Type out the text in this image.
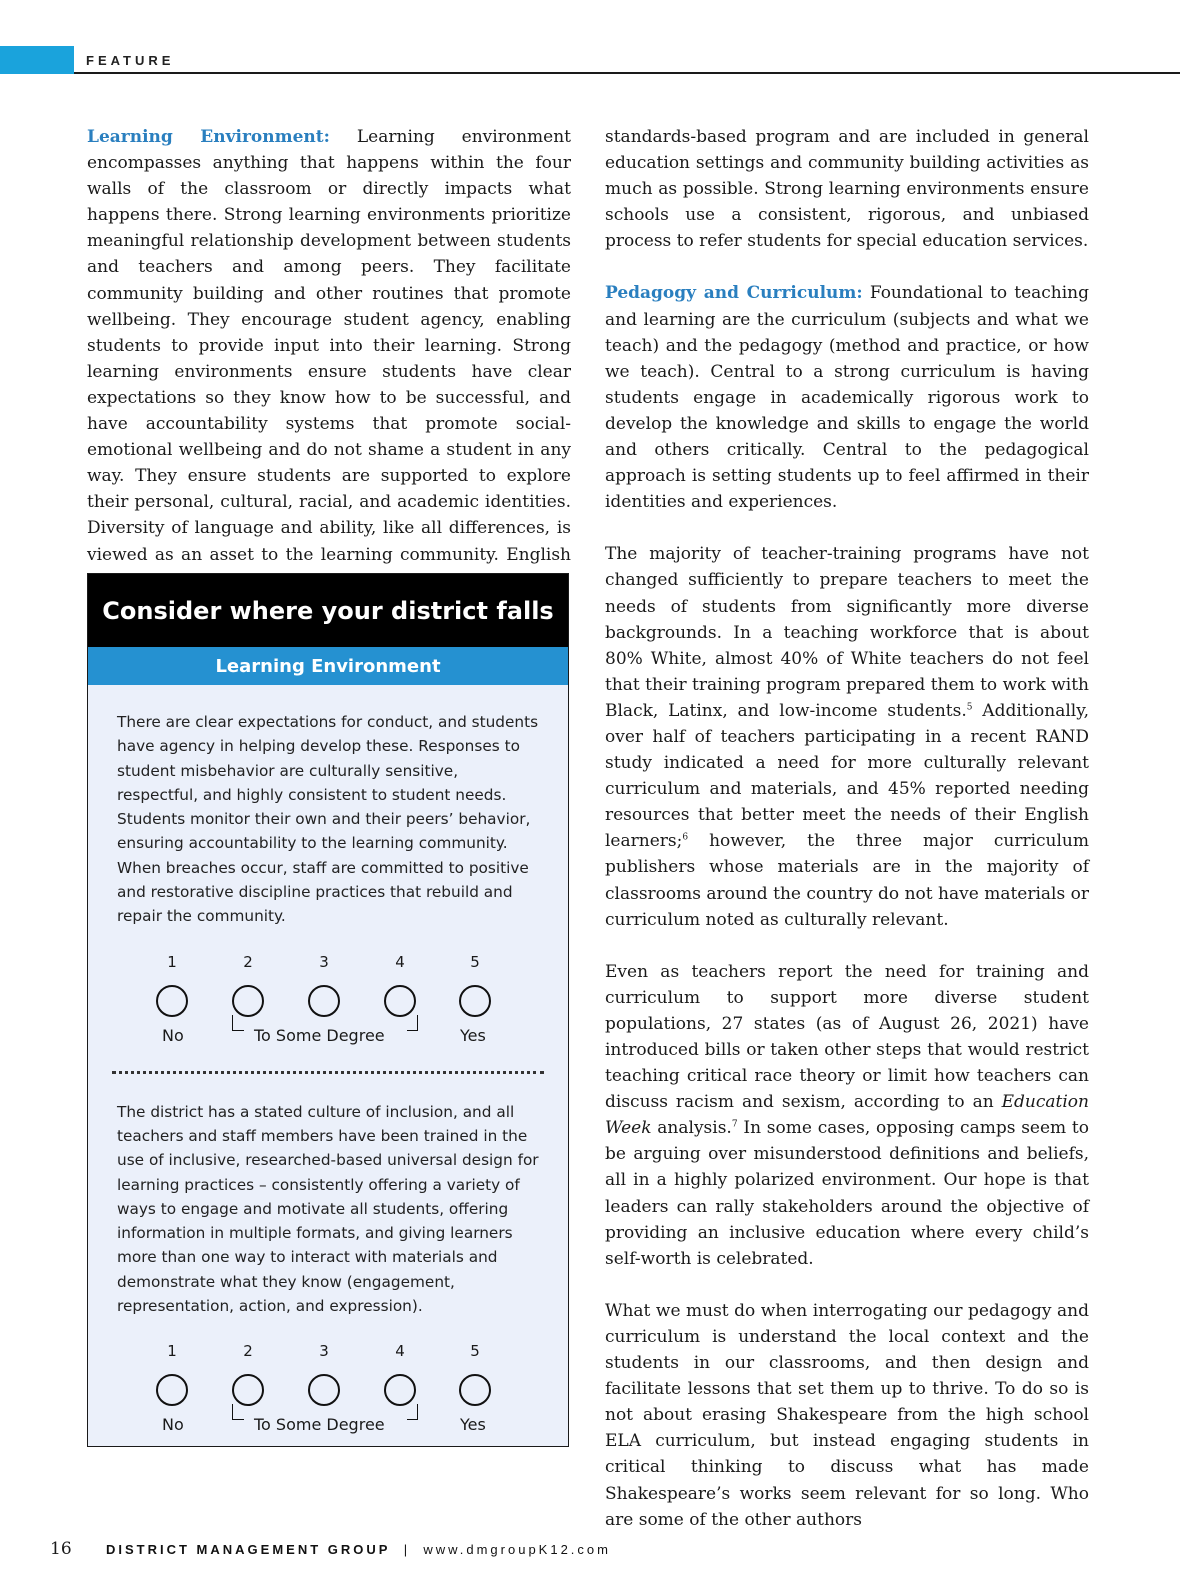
FEATURE

Learning Environment: Learning environment encompasses anything that happens within the four walls of the classroom or directly impacts what happens there. Strong learning environments prioritize meaningful relationship development between students and teachers and among peers. They facilitate community building and other routines that promote wellbeing. They encourage student agency, enabling students to provide input into their learning. Strong learning environments ensure students have clear expectations so they know how to be successful, and have accountability systems that promote social-emotional wellbeing and do not shame a student in any way. They ensure students are supported to explore their personal, cultural, racial, and academic identities. Diversity of language and ability, like all differences, is viewed as an asset to the learning community. English

Consider where your district falls
Learning Environment
There are clear expectations for conduct, and students have agency in helping develop these. Responses to student misbehavior are culturally sensitive, respectful, and highly consistent to student needs. Students monitor their own and their peers’ behavior, ensuring accountability to the learning community. When breaches occur, staff are committed to positive and restorative discipline practices that rebuild and repair the community.
1	2	3	4	5
No	To Some Degree	Yes
The district has a stated culture of inclusion, and all teachers and staff members have been trained in the use of inclusive, researched-based universal design for learning practices – consistently offering a variety of ways to engage and motivate all students, offering information in multiple formats, and giving learners more than one way to interact with materials and demonstrate what they know (engagement, representation, action, and expression).
1	2	3	4	5
No	To Some Degree	Yes

standards-based program and are included in general education settings and community building activities as much as possible. Strong learning environments ensure schools use a consistent, rigorous, and unbiased process to refer students for special education services.

Pedagogy and Curriculum: Foundational to teaching and learning are the curriculum (subjects and what we teach) and the pedagogy (method and practice, or how we teach). Central to a strong curriculum is having students engage in academically rigorous work to develop the knowledge and skills to engage the world and others critically. Central to the pedagogical approach is setting students up to feel affirmed in their identities and experiences.

The majority of teacher-training programs have not changed sufficiently to prepare teachers to meet the needs of students from significantly more diverse backgrounds. In a teaching workforce that is about 80% White, almost 40% of White teachers do not feel that their training program prepared them to work with Black, Latinx, and low-income students.$^5$ Additionally, over half of teachers participating in a recent RAND study indicated a need for more culturally relevant curriculum and materials, and 45% reported needing resources that better meet the needs of their English learners;$^6$ however, the three major curriculum publishers whose materials are in the majority of classrooms around the country do not have materials or curriculum noted as culturally relevant.

Even as teachers report the need for training and curriculum to support more diverse student populations, 27 states (as of August 26, 2021) have introduced bills or taken other steps that would restrict teaching critical race theory or limit how teachers can discuss racism and sexism, according to an Education Week analysis.$^7$ In some cases, opposing camps seem to be arguing over misunderstood definitions and beliefs, all in a highly polarized environment. Our hope is that leaders can rally stakeholders around the objective of providing an inclusive education where every child’s self-worth is celebrated.

What we must do when interrogating our pedagogy and curriculum is understand the local context and the students in our classrooms, and then design and facilitate lessons that set them up to thrive. To do so is not about erasing Shakespeare from the high school ELA curriculum, but instead engaging students in critical thinking to discuss what has made Shakespeare’s works seem relevant for so long. Who are some of the other authors

16	DISTRICT MANAGEMENT GROUP | www.dmgroupK12.com
